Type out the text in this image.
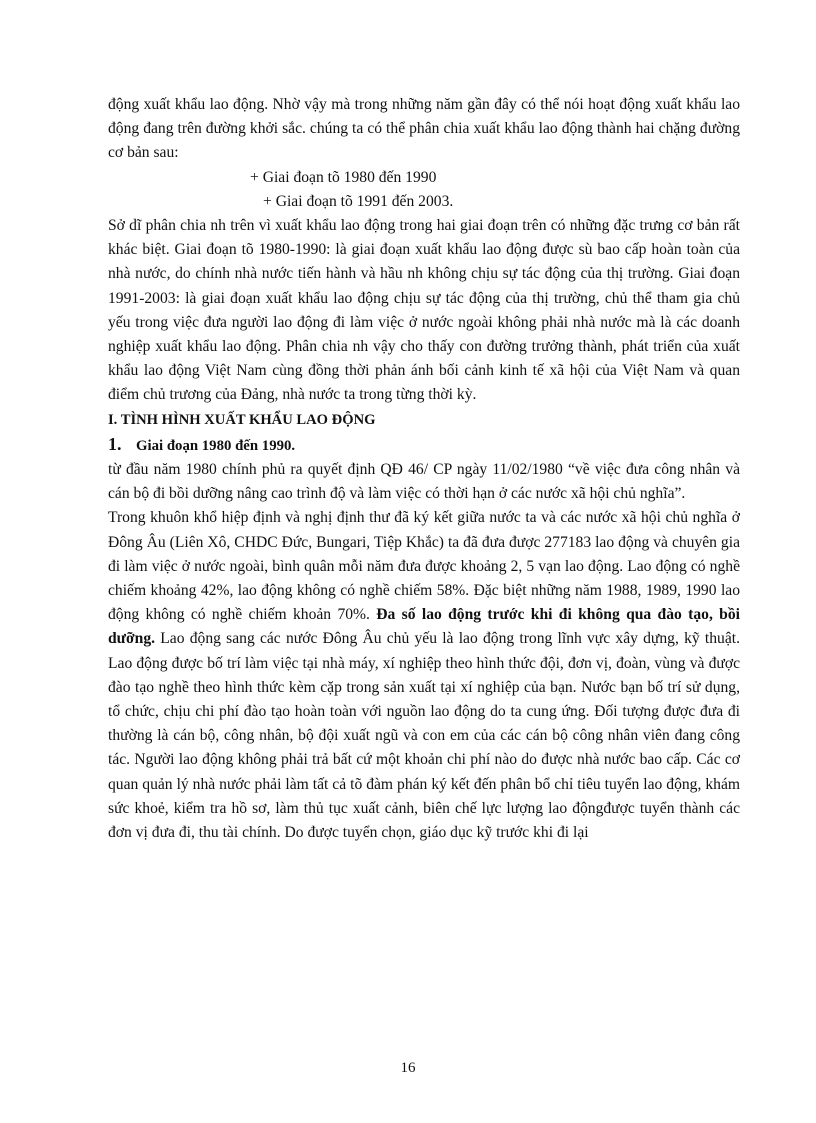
động xuất khẩu lao động. Nhờ vậy mà trong những năm gần đây có thể nói hoạt động xuất khẩu lao động đang trên đường khởi sắc. chúng ta có thể phân chia xuất khẩu lao động thành hai chặng đường cơ bản sau:

+ Giai đoạn tõ 1980 đến 1990

+ Giai đoạn tõ 1991 đến 2003.

Sở dĩ phân chia nh trên vì xuất khẩu lao động trong hai giai đoạn trên có những đặc trưng cơ bản rất khác biệt. Giai đoạn tõ 1980-1990: là giai đoạn xuất khẩu lao động được sù bao cấp hoàn toàn của nhà nước, do chính nhà nước tiến hành và hầu nh không chịu sự tác động của thị trường. Giai đoạn 1991-2003: là giai đoạn xuất khẩu lao động chịu sự tác động của thị trường, chủ thể tham gia chủ yếu trong việc đưa người lao động đi làm việc ở nước ngoài không phải nhà nước mà là các doanh nghiệp xuất khẩu lao động. Phân chia nh vậy cho thấy con đường trưởng thành, phát triển của xuất khẩu lao động Việt Nam cùng đồng thời phản ánh bối cảnh kinh tế xã hội của Việt Nam và quan điểm chủ trương của Đảng, nhà nước ta trong từng thời kỳ.

I. TÌNH HÌNH XUẤT KHẨU LAO ĐỘNG

1. Giai đoạn 1980 đến 1990.

từ đầu năm 1980 chính phủ ra quyết định QĐ 46/ CP ngày 11/02/1980 “về việc đưa công nhân và cán bộ đi bồi dưỡng nâng cao trình độ và làm việc có thời hạn ở các nước xã hội chủ nghĩa”.

Trong khuôn khổ hiệp định và nghị định thư đã ký kết giữa nước ta và các nước xã hội chủ nghĩa ở Đông Âu (Liên Xô, CHDC Đức, Bungari, Tiệp Khắc) ta đã đưa được 277183 lao động và chuyên gia đi làm việc ở nước ngoài, bình quân mỗi năm đưa được khoảng 2, 5 vạn lao động. Lao động có nghề chiếm khoảng 42%, lao động không có nghề chiếm 58%. Đặc biệt những năm 1988, 1989, 1990 lao động không có nghề chiếm khoản 70%. Đa số lao động trước khi đi không qua đào tạo, bồi dưỡng. Lao động sang các nước Đông Âu chủ yếu là lao động trong lĩnh vực xây dựng, kỹ thuật. Lao động được bố trí làm việc tại nhà máy, xí nghiệp theo hình thức đội, đơn vị, đoàn, vùng và được đào tạo nghề theo hình thức kèm cặp trong sản xuất tại xí nghiệp của bạn. Nước bạn bố trí sử dụng, tổ chức, chịu chi phí đào tạo hoàn toàn với nguồn lao động do ta cung ứng. Đối tượng được đưa đi thường là cán bộ, công nhân, bộ đội xuất ngũ và con em của các cán bộ công nhân viên đang công tác. Người lao động không phải trả bất cứ một khoản chi phí nào do được nhà nước bao cấp. Các cơ quan quản lý nhà nước phải làm tất cả tõ đàm phán ký kết đến phân bổ chỉ tiêu tuyển lao động, khám sức khoẻ, kiểm tra hồ sơ, làm thủ tục xuất cảnh, biên chế lực lượng lao độngđược tuyển thành các đơn vị đưa đi, thu tài chính. Do được tuyển chọn, giáo dục kỹ trước khi đi lại

16
